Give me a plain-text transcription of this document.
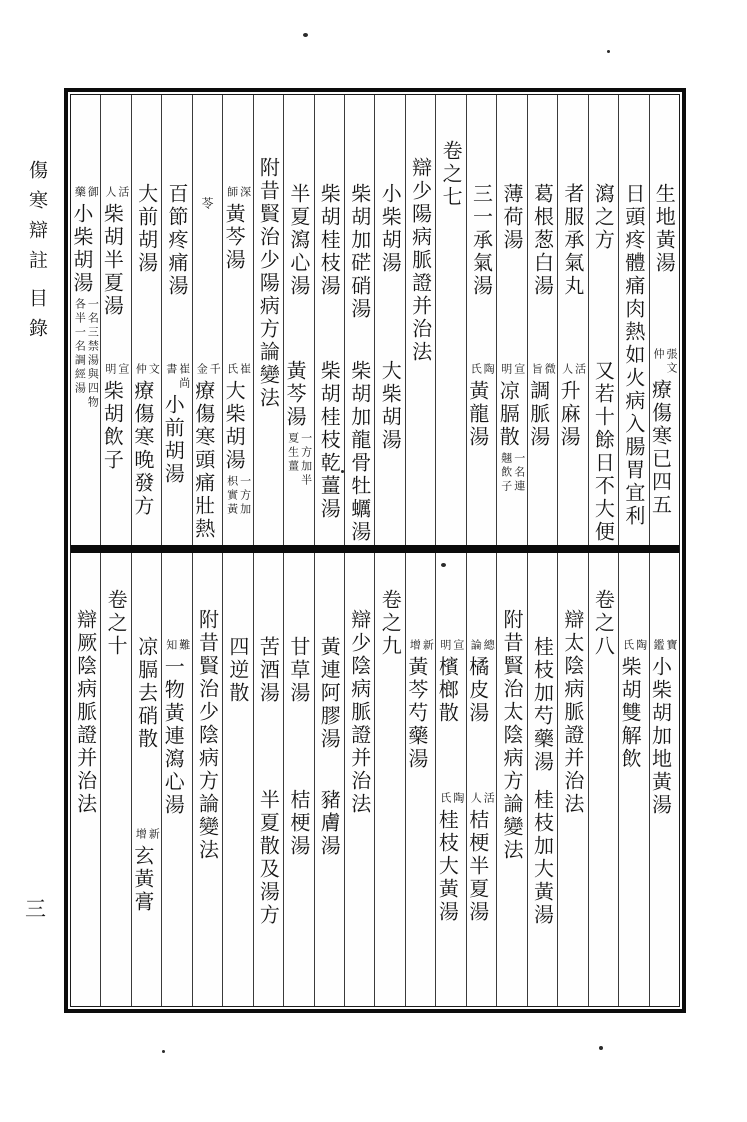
傷寒辯註
目錄
三
生地黃湯
張文
仲
療傷寒已四五
日頭疼體痛肉熱如火病入腸胃宜利
瀉之方
又若十餘日不大便
者服承氣丸
活
人
升麻湯
葛根葱白湯
微
旨
調脈湯
薄荷湯
宣
明
凉膈散
一名連
翹飲子
三一承氣湯
陶
氏
黃龍湯
卷之七
辯少陽病脈證并治法
小柴胡湯
大柴胡湯
柴胡加硭硝湯
柴胡加龍骨牡蠣湯
柴胡桂枝湯
柴胡桂枝乾薑湯
半夏瀉心湯
黃芩湯
一方加半
夏生薑
附昔賢治少陽病方論變法
深
師
黃芩湯
崔
氏
大柴胡湯
一方加
枳實黃
苓
千
金
療傷寒頭痛壯熱
百節疼痛湯
崔尚
書
小前胡湯
大前胡湯
文
仲
療傷寒晚發方
活
人
柴胡半夏湯
宣
明
柴胡飲子
御
藥
小柴胡湯
一名三禁湯與四物
各半一名調經湯
寶
鑑
小柴胡加地黃湯
陶
氏
柴胡雙解飲
卷之八
辯太陰病脈證并治法
桂枝加芍藥湯
桂枝加大黃湯
附昔賢治太陰病方論變法
總
論
橘皮湯
活
人
桔梗半夏湯
宣
明
檳榔散
陶
氏
桂枝大黃湯
新
增
黃芩芍藥湯
卷之九
辯少陰病脈證并治法
黃連阿膠湯
豬膚湯
甘草湯
桔梗湯
苦酒湯
半夏散及湯方
四逆散
附昔賢治少陰病方論變法
難
知
一物黃連瀉心湯
凉膈去硝散
新
增
玄黃膏
卷之十
辯厥陰病脈證并治法
